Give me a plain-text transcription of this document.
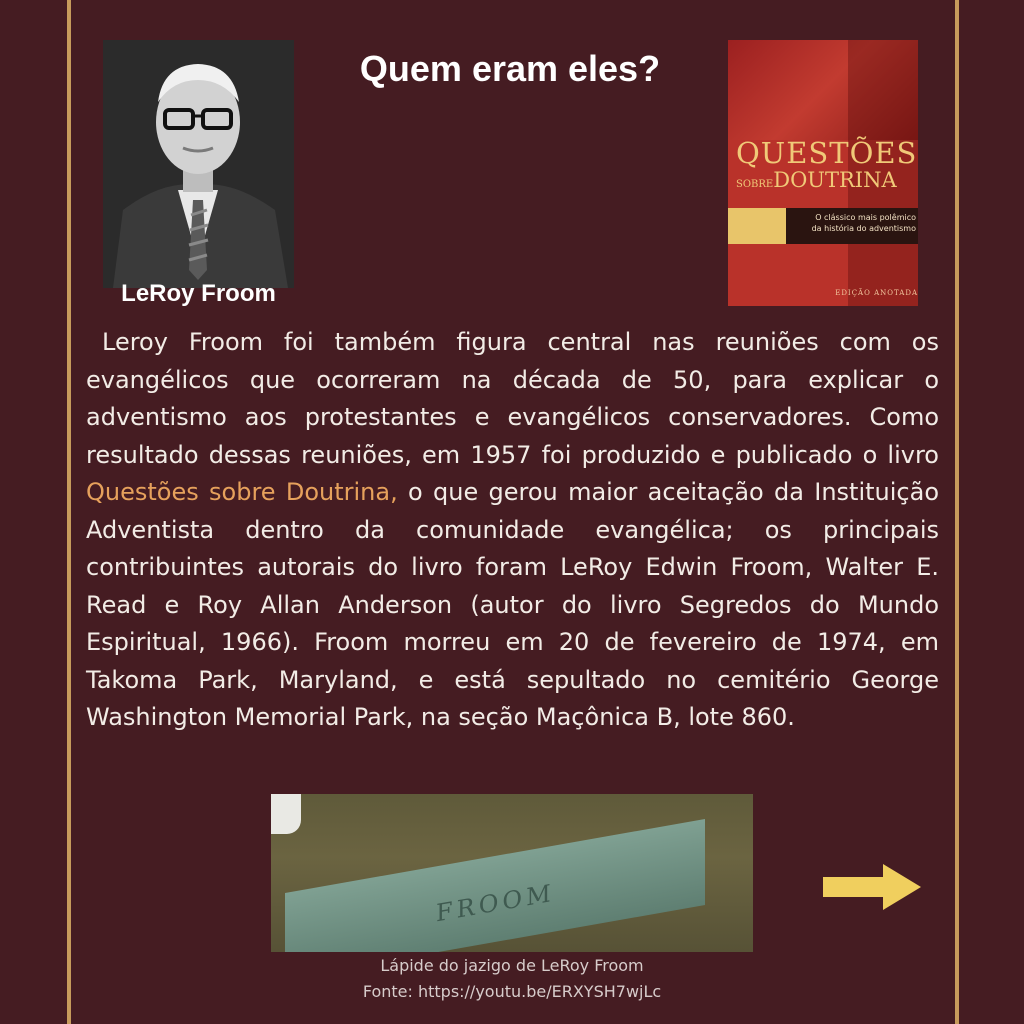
LeRoy Froom
Quem eram eles?
QUESTÕES
SOBREDOUTRINA
O clássico mais polêmico
da história do adventismo
EDIÇÃO ANOTADA

Leroy Froom foi também figura central nas reuniões com os evangélicos que ocorreram na década de 50, para explicar o adventismo aos protestantes e evangélicos conservadores. Como resultado dessas reuniões, em 1957 foi produzido e publicado o livro Questões sobre Doutrina, o que gerou maior aceitação da Instituição Adventista dentro da comunidade evangélica; os principais contribuintes autorais do livro foram LeRoy Edwin Froom, Walter E. Read e Roy Allan Anderson (autor do livro Segredos do Mundo Espiritual, 1966). Froom morreu em 20 de fevereiro de 1974, em Takoma Park, Maryland, e está sepultado no cemitério George Washington Memorial Park, na seção Maçônica B, lote 860.

FROOM
Lápide do jazigo de LeRoy Froom
Fonte: https://youtu.be/ERXYSH7wjLc
